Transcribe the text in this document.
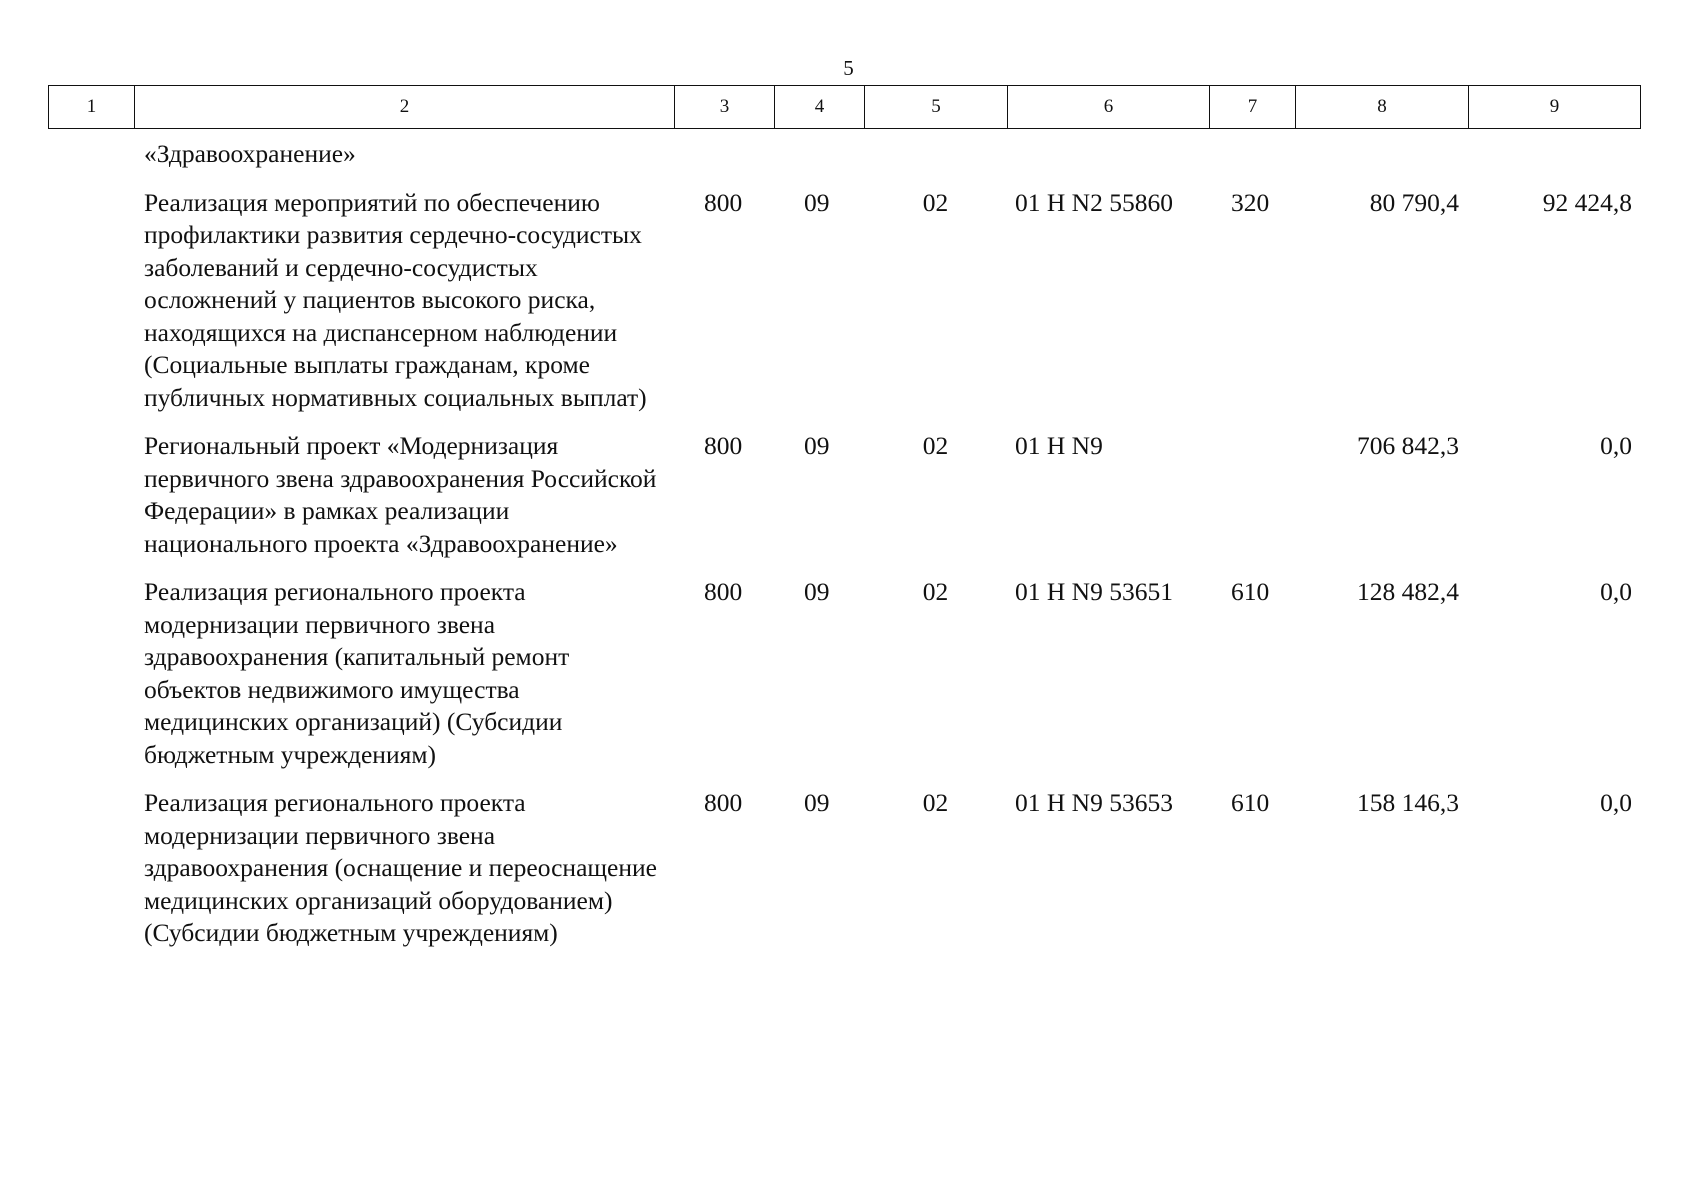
5
1	2	3	4	5	6	7	8	9
«Здравоохранение»							
Реализация мероприятий по обеспечению профилактики развития сердечно-сосудистых заболеваний и сердечно-сосудистых осложнений у пациентов высокого риска, находящихся на диспансерном наблюдении (Социальные выплаты гражданам, кроме публичных нормативных социальных выплат)	800	09	02	01 Н N2 55860	320	80 790,4	92 424,8
Региональный проект «Модернизация первичного звена здравоохранения Российской Федерации» в рамках реализации национального проекта «Здравоохранение»	800	09	02	01 Н N9		706 842,3	0,0
Реализация регионального проекта модернизации первичного звена здравоохранения (капитальный ремонт объектов недвижимого имущества медицинских организаций) (Субсидии бюджетным учреждениям)	800	09	02	01 Н N9 53651	610	128 482,4	0,0
Реализация регионального проекта модернизации первичного звена здравоохранения (оснащение и переоснащение медицинских организаций оборудованием) (Субсидии бюджетным учреждениям)	800	09	02	01 Н N9 53653	610	158 146,3	0,0
